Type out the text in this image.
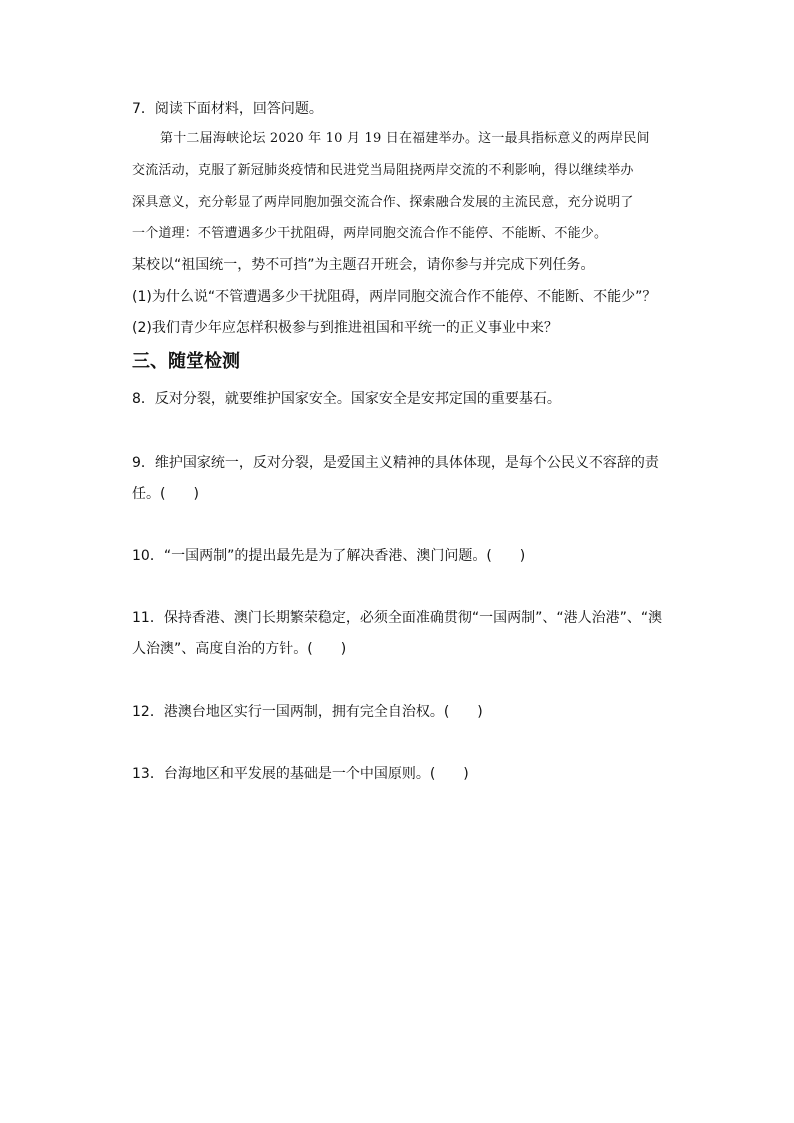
7．阅读下面材料，回答问题。
第十二届海峡论坛 2020 年 10 月 19 日在福建举办。这一最具指标意义的两岸民间
交流活动，克服了新冠肺炎疫情和民进党当局阻挠两岸交流的不利影响，得以继续举办
深具意义，充分彰显了两岸同胞加强交流合作、探索融合发展的主流民意，充分说明了
一个道理：不管遭遇多少干扰阻碍，两岸同胞交流合作不能停、不能断、不能少。
某校以“祖国统一，势不可挡”为主题召开班会，请你参与并完成下列任务。
(1)为什么说“不管遭遇多少干扰阻碍，两岸同胞交流合作不能停、不能断、不能少”？
(2)我们青少年应怎样积极参与到推进祖国和平统一的正义事业中来？
三、随堂检测
8．反对分裂，就要维护国家安全。国家安全是安邦定国的重要基石。
9．维护国家统一，反对分裂，是爱国主义精神的具体体现，是每个公民义不容辞的责
任。(　　)
10．“一国两制”的提出最先是为了解决香港、澳门问题。(　　)
11．保持香港、澳门长期繁荣稳定，必须全面准确贯彻“一国两制”、“港人治港”、“澳
人治澳”、高度自治的方针。(　　)
12．港澳台地区实行一国两制，拥有完全自治权。(　　)
13．台海地区和平发展的基础是一个中国原则。(　　)
